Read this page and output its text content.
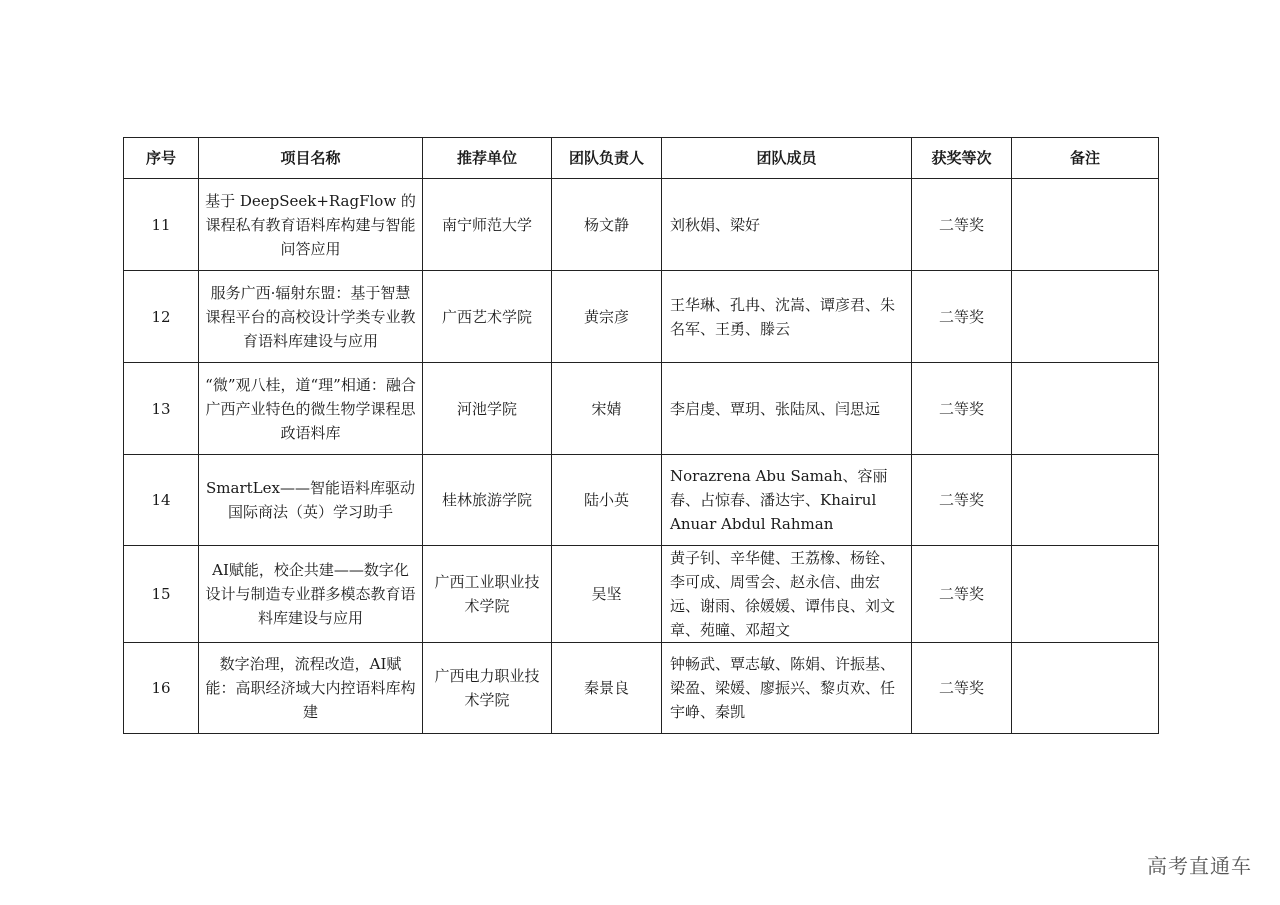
序号	项目名称	推荐单位	团队负责人	团队成员	获奖等次	备注
11	基于 DeepSeek+RagFlow 的课程私有教育语料库构建与智能问答应用	南宁师范大学	杨文静	刘秋娟、梁好	二等奖	
12	服务广西·辐射东盟：基于智慧课程平台的高校设计学类专业教育语料库建设与应用	广西艺术学院	黄宗彦	王华琳、孔冉、沈嵩、谭彦君、朱名军、王勇、滕云	二等奖	
13	“微”观八桂，道“理”相通：融合广西产业特色的微生物学课程思政语料库	河池学院	宋婧	李启虔、覃玥、张陆凤、闫思远	二等奖	
14	SmartLex——智能语料库驱动国际商法（英）学习助手	桂林旅游学院	陆小英	Norazrena Abu Samah、容丽春、占惊春、潘达宇、Khairul Anuar Abdul Rahman	二等奖	
15	AI赋能，校企共建——数字化设计与制造专业群多模态教育语料库建设与应用	广西工业职业技术学院	吴坚	黄子钊、辛华健、王荔橡、杨铨、李可成、周雪会、赵永信、曲宏远、谢雨、徐媛媛、谭伟良、刘文章、苑曈、邓超文	二等奖	
16	数字治理，流程改造，AI赋能：高职经济域大内控语料库构建	广西电力职业技术学院	秦景良	钟畅武、覃志敏、陈娟、许振基、梁盈、梁媛、廖振兴、黎贞欢、任宇峥、秦凯	二等奖	
高考直通车
